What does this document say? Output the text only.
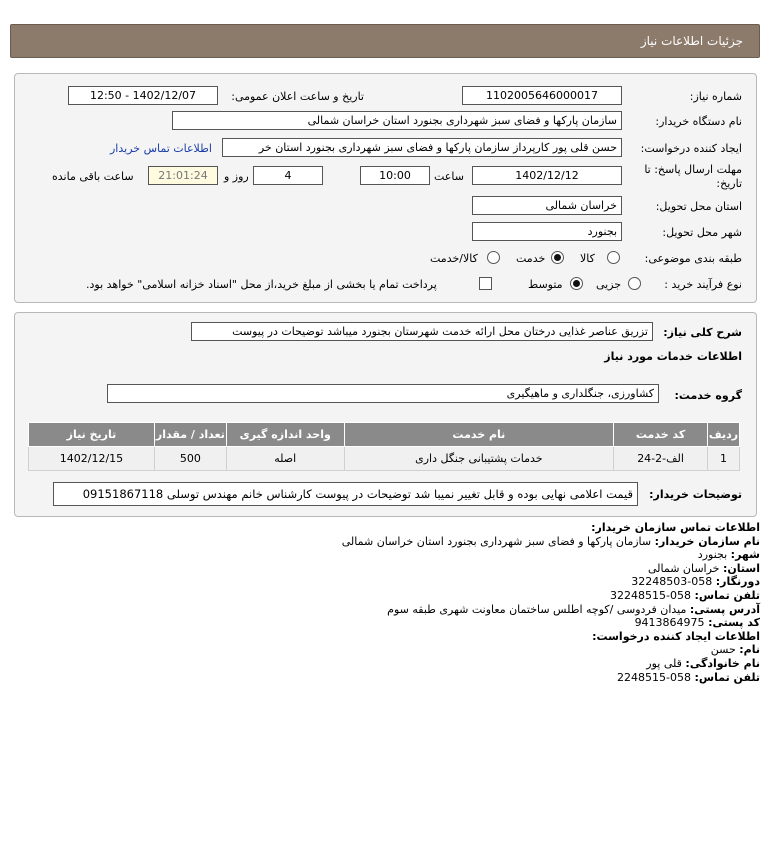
جزئیات اطلاعات نیاز
شماره نیاز:
1102005646000017
تاریخ و ساعت اعلان عمومی:
1402/12/07 - 12:50
نام دستگاه خریدار:
سازمان پارکها و فضای سبز شهرداری بجنورد استان خراسان شمالی
ایجاد کننده درخواست:
حسن قلی پور کارپرداز سازمان پارکها و فضای سبز شهرداری بجنورد استان خر
اطلاعات تماس خریدار
مهلت ارسال پاسخ: تا
تاریخ:
1402/12/12
ساعت
10:00
4
روز و
21:01:24
ساعت باقی مانده
استان محل تحویل:
خراسان شمالی
شهر محل تحویل:
بجنورد
طبقه بندی موضوعی:
کالا
خدمت
کالا/خدمت
نوع فرآیند خرید :
جزیی
متوسط
پرداخت تمام یا بخشی از مبلغ خرید،از محل "اسناد خزانه اسلامی" خواهد بود.
شرح کلی نیاز:
تزریق عناصر غذایی درختان محل ارائه خدمت شهرستان بجنورد میباشد توضیحات در پیوست
اطلاعات خدمات مورد نیاز
گروه خدمت:
کشاورزی، جنگلداری و ماهیگیری
ردیف	کد خدمت	نام خدمت	واحد اندازه گیری	تعداد / مقدار	تاریخ نیاز
1	الف-2-24	خدمات پشتیبانی جنگل داری	اصله	500	1402/12/15
توضیحات خریدار:
قیمت اعلامی نهایی بوده و قابل تغییر نمیبا شد توضیحات در پیوست کارشناس خانم مهندس توسلی 09151867118
اطلاعات تماس سازمان خریدار:
نام سازمان خریدار: سازمان پارکها و فضای سبز شهرداری بجنورد استان خراسان شمالی
شهر: بجنورد
استان: خراسان شمالی
دورنگار: 058-32248503
تلفن تماس: 058-32248515
آدرس پستی: میدان فردوسی /کوچه اطلس ساختمان معاونت شهری طبقه سوم
کد پستی: 9413864975
اطلاعات ایجاد کننده درخواست:
نام: حسن
نام خانوادگی: قلی پور
تلفن تماس: 058-2248515
